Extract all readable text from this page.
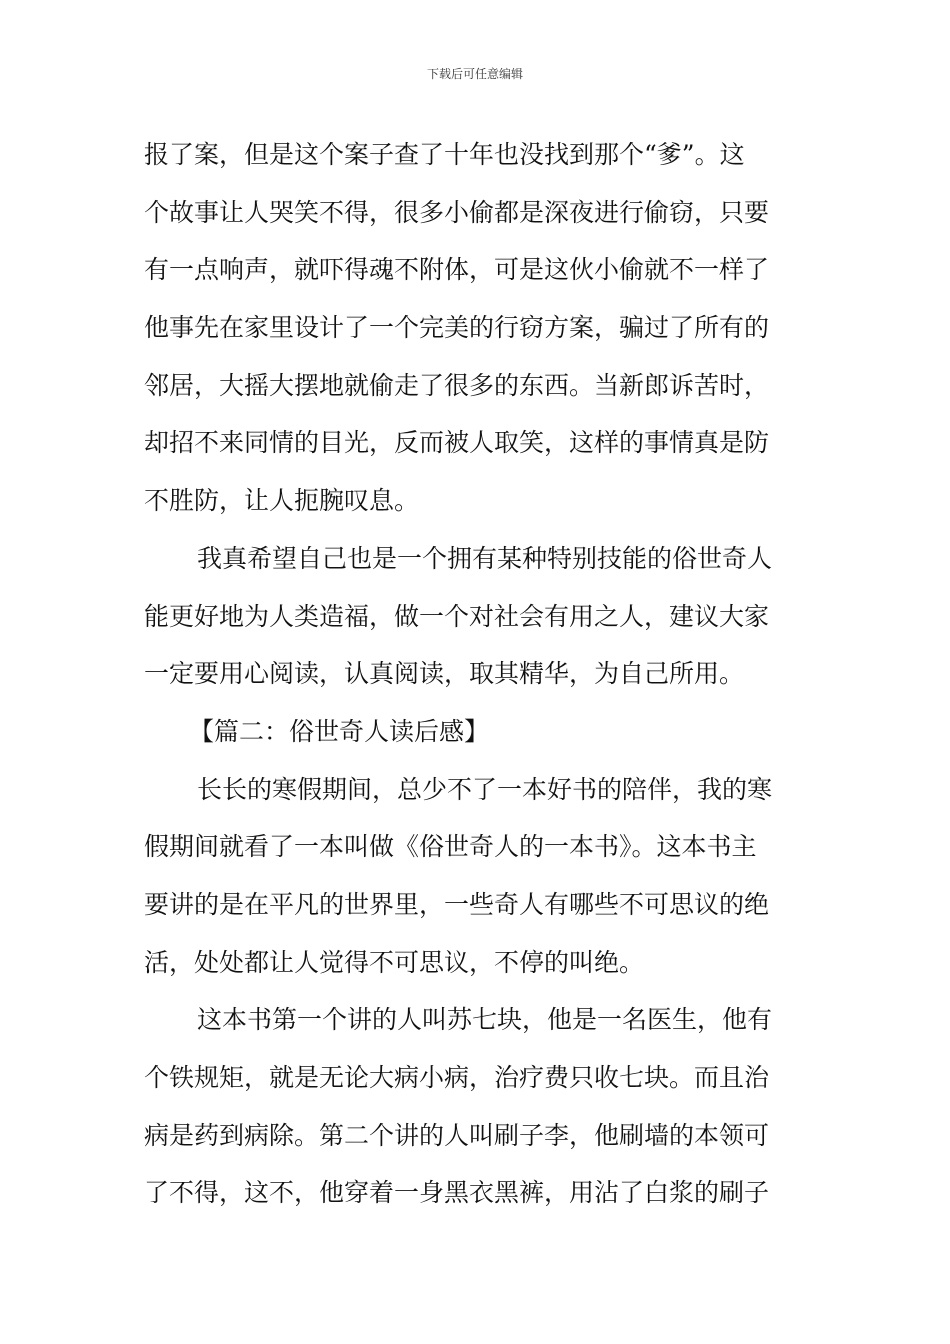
下载后可任意编辑
报了案，但是这个案子查了十年也没找到那个“爹”。这
个故事让人哭笑不得，很多小偷都是深夜进行偷窃，只要
有一点响声，就吓得魂不附体，可是这伙小偷就不一样了
他事先在家里设计了一个完美的行窃方案，骗过了所有的
邻居，大摇大摆地就偷走了很多的东西。当新郎诉苦时，
却招不来同情的目光，反而被人取笑，这样的事情真是防
不胜防，让人扼腕叹息。
我真希望自己也是一个拥有某种特别技能的俗世奇人
能更好地为人类造福，做一个对社会有用之人，建议大家
一定要用心阅读，认真阅读，取其精华，为自己所用。
【篇二：俗世奇人读后感】
长长的寒假期间，总少不了一本好书的陪伴，我的寒
假期间就看了一本叫做《俗世奇人的一本书》。这本书主
要讲的是在平凡的世界里，一些奇人有哪些不可思议的绝
活，处处都让人觉得不可思议，不停的叫绝。
这本书第一个讲的人叫苏七块，他是一名医生，他有
个铁规矩，就是无论大病小病，治疗费只收七块。而且治
病是药到病除。第二个讲的人叫刷子李，他刷墙的本领可
了不得，这不，他穿着一身黑衣黑裤，用沾了白浆的刷子
